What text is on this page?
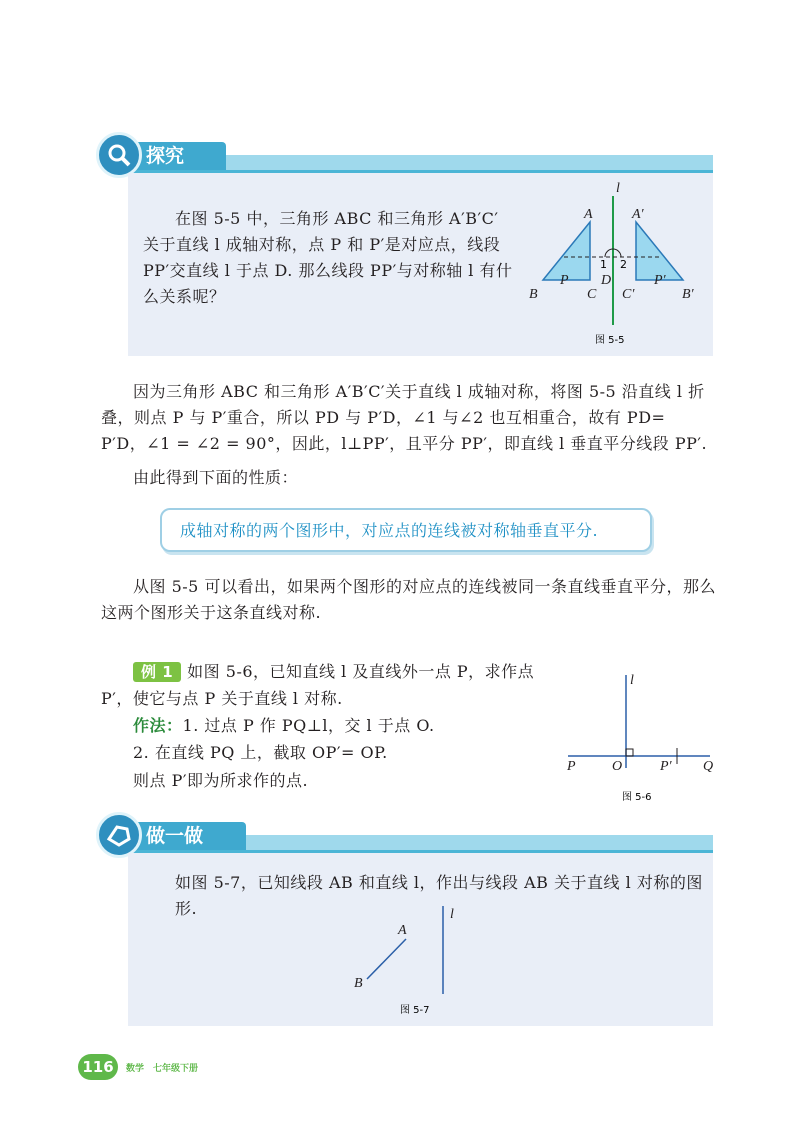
探究
在图 5-5 中，三角形 ABC 和三角形 A′B′C′ 关于直线 l 成轴对称，点 P 和 P′是对应点，线段 PP′交直线 l 于点 D. 那么线段 PP′与对称轴 l 有什么关系呢？
l
A	A′
B	C
D
C′	B′
P	P′
1 2
图 5-5
因为三角形 ABC 和三角形 A′B′C′关于直线 l 成轴对称，将图 5-5 沿直线 l 折叠，则点 P 与 P′重合，所以 PD 与 P′D，∠1 与∠2 也互相重合，故有 PD= P′D，∠1 = ∠2 = 90°，因此，l⊥PP′，且平分 PP′，即直线 l 垂直平分线段 PP′.
由此得到下面的性质：
成轴对称的两个图形中，对应点的连线被对称轴垂直平分.
从图 5-5 可以看出，如果两个图形的对应点的连线被同一条直线垂直平分，那么这两个图形关于这条直线对称.
例 1 如图 5-6，已知直线 l 及直线外一点 P，求作点
P′，使它与点 P 关于直线 l 对称.
作法：1. 过点 P 作 PQ⊥l，交 l 于点 O.
2. 在直线 PQ 上，截取 OP′= OP.
则点 P′即为所求作的点.
l
P	O	P′ Q
图 5-6
做一做
如图 5-7，已知线段 AB 和直线 l，作出与线段 AB 关于直线 l 对称的图形.
A
B
l
图 5-7
116	数学　七年级下册
